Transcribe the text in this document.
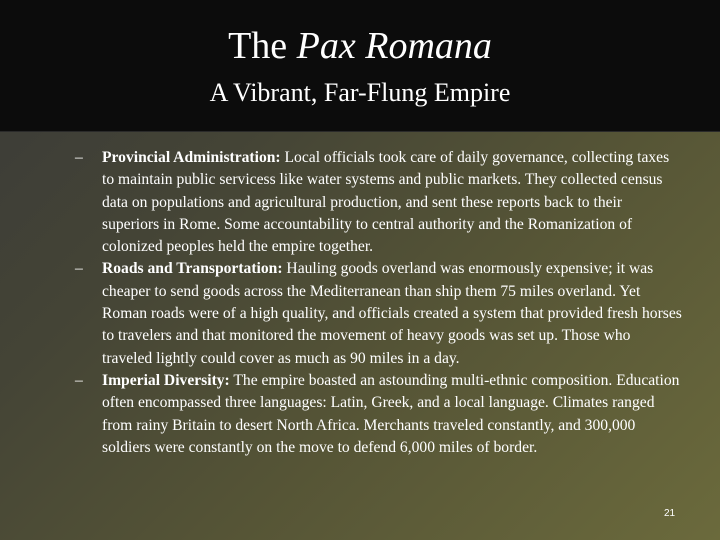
The Pax Romana
A Vibrant, Far-Flung Empire

– Provincial Administration: Local officials took care of daily governance, collecting taxes to maintain public servicess like water systems and public markets. They collected census data on populations and agricultural production, and sent these reports back to their superiors in Rome. Some accountability to central authority and the Romanization of colonized peoples held the empire together.

– Roads and Transportation: Hauling goods overland was enormously expensive; it was cheaper to send goods across the Mediterranean than ship them 75 miles overland. Yet Roman roads were of a high quality, and officials created a system that provided fresh horses to travelers and that monitored the movement of heavy goods was set up. Those who traveled lightly could cover as much as 90 miles in a day.

– Imperial Diversity: The empire boasted an astounding multi-ethnic composition. Education often encompassed three languages: Latin, Greek, and a local language. Climates ranged from rainy Britain to desert North Africa. Merchants traveled constantly, and 300,000 soldiers were constantly on the move to defend 6,000 miles of border.

21
